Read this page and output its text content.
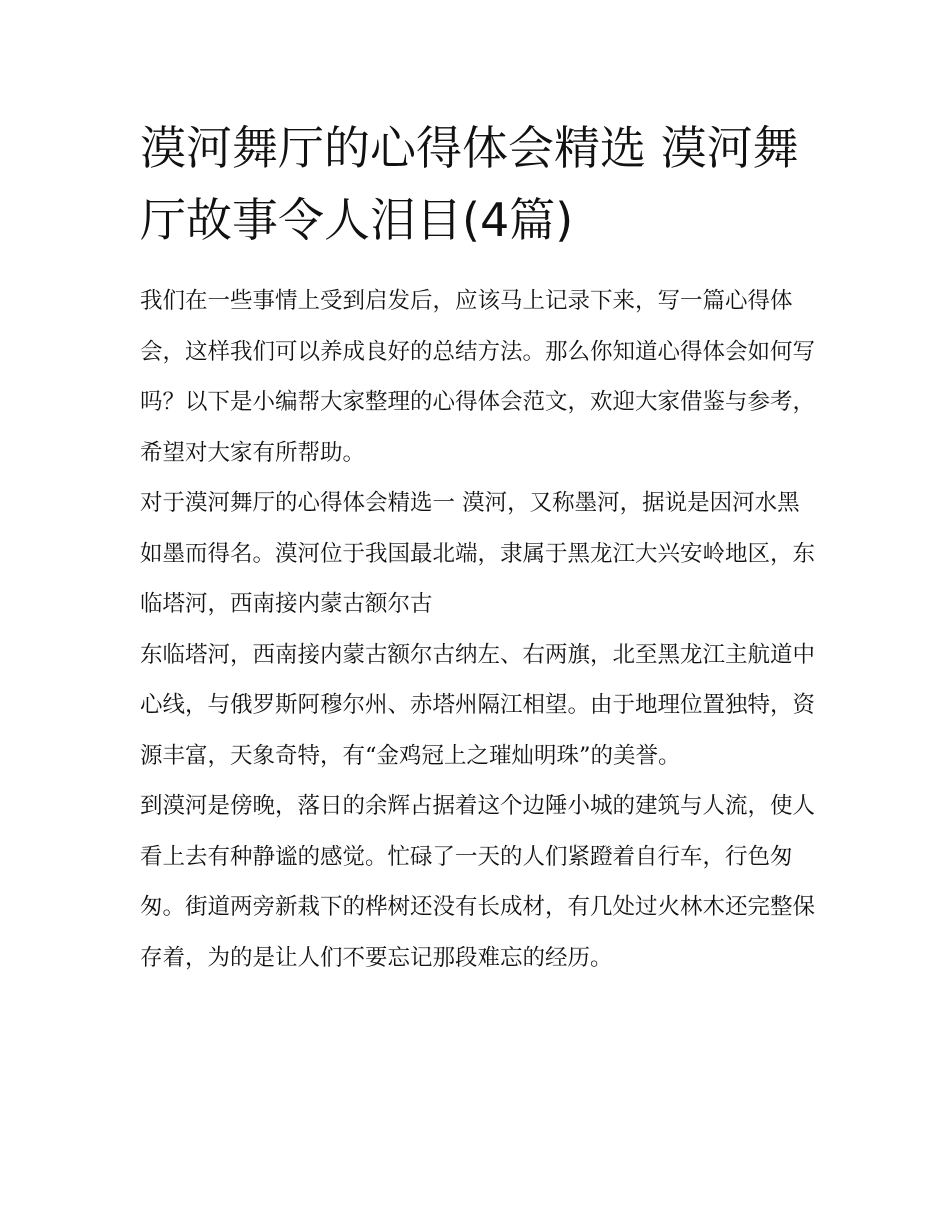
漠河舞厅的心得体会精选 漠河舞厅故事令人泪目(4篇)

我们在一些事情上受到启发后，应该马上记录下来，写一篇心得体会，这样我们可以养成良好的总结方法。那么你知道心得体会如何写吗？以下是小编帮大家整理的心得体会范文，欢迎大家借鉴与参考，希望对大家有所帮助。

对于漠河舞厅的心得体会精选一 漠河，又称墨河，据说是因河水黑如墨而得名。漠河位于我国最北端，隶属于黑龙江大兴安岭地区，东临塔河，西南接内蒙古额尔古

东临塔河，西南接内蒙古额尔古纳左、右两旗，北至黑龙江主航道中心线，与俄罗斯阿穆尔州、赤塔州隔江相望。由于地理位置独特，资源丰富，天象奇特，有“金鸡冠上之璀灿明珠”的美誉。

到漠河是傍晚，落日的余辉占据着这个边陲小城的建筑与人流，使人看上去有种静谧的感觉。忙碌了一天的人们紧蹬着自行车，行色匆匆。街道两旁新栽下的桦树还没有长成材，有几处过火林木还完整保存着，为的是让人们不要忘记那段难忘的经历。
